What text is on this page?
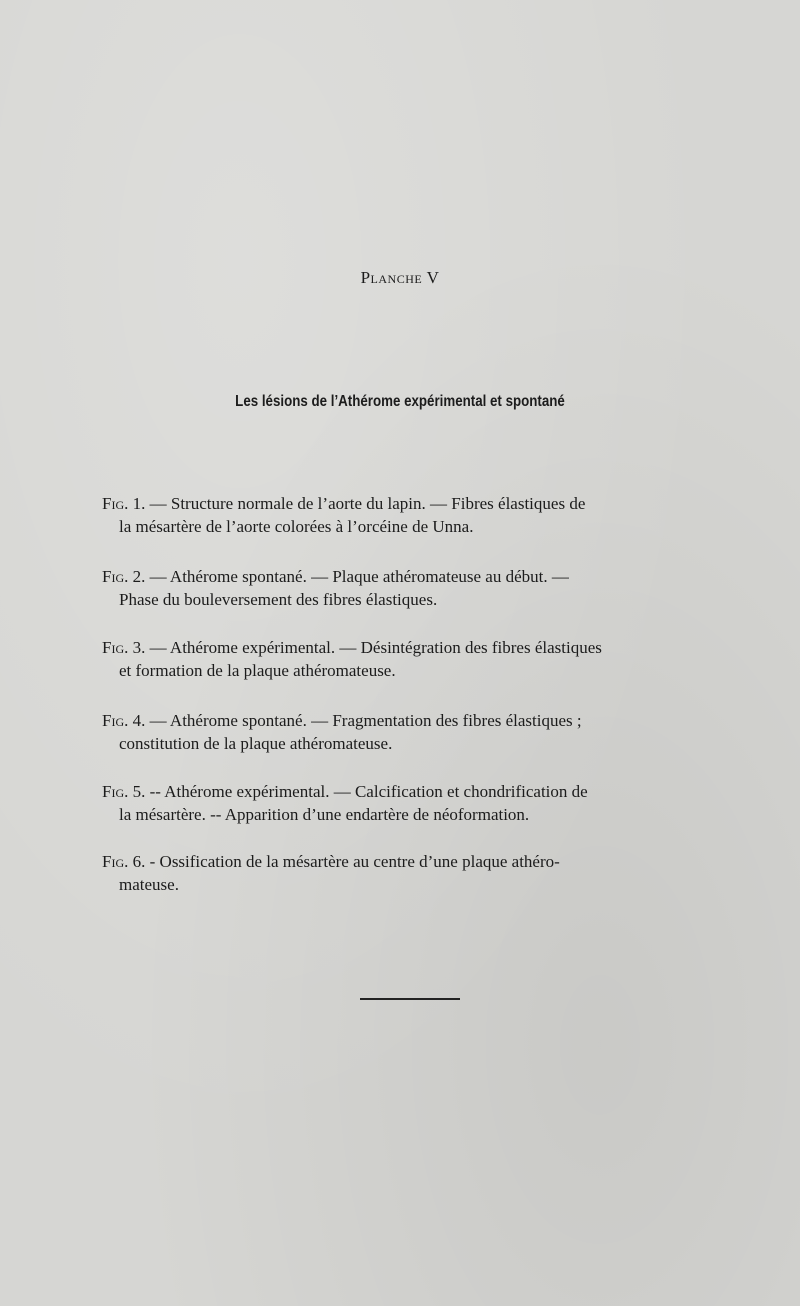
Planche V
Les lésions de l’Athérome expérimental et spontané
Fig. 1. — Structure normale de l’aorte du lapin. — Fibres élastiques de
la mésartère de l’aorte colorées à l’orcéine de Unna.
Fig. 2. — Athérome spontané. — Plaque athéromateuse au début. —
Phase du bouleversement des fibres élastiques.
Fig. 3. — Athérome expérimental. — Désintégration des fibres élastiques
et formation de la plaque athéromateuse.
Fig. 4. — Athérome spontané. — Fragmentation des fibres élastiques ;
constitution de la plaque athéromateuse.
Fig. 5. -- Athérome expérimental. — Calcification et chondrification de
la mésartère. -- Apparition d’une endartère de néoformation.
Fig. 6. - Ossification de la mésartère au centre d’une plaque athéro-
mateuse.
